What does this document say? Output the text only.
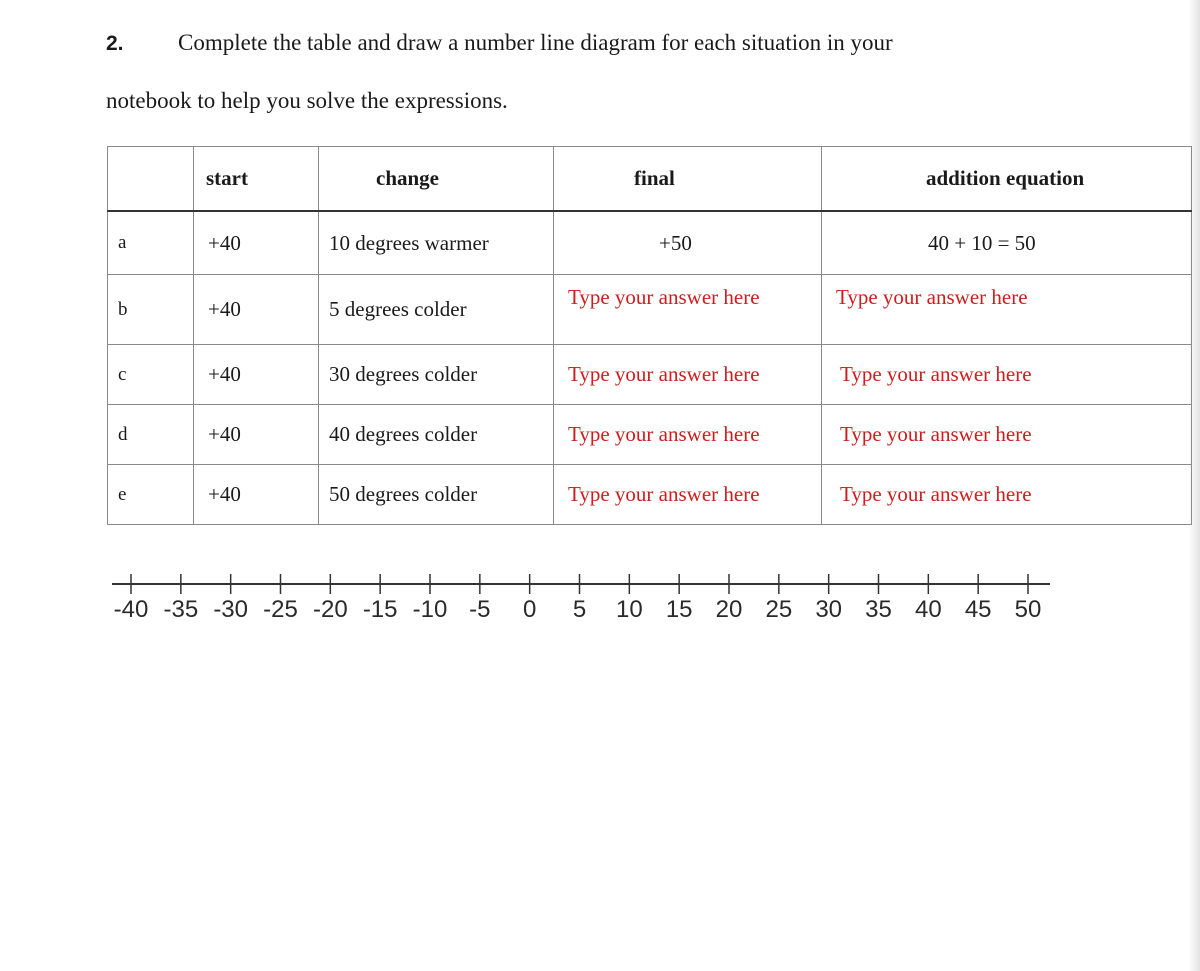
2. Complete the table and draw a number line diagram for each situation in your
notebook to help you solve the expressions.
	start	change	final	addition equation
a	+40	10 degrees warmer	+50	40 + 10 = 50
b	+40	5 degrees colder	Type your answer here	Type your answer here
c	+40	30 degrees colder	Type your answer here	Type your answer here
d	+40	40 degrees colder	Type your answer here	Type your answer here
e	+40	50 degrees colder	Type your answer here	Type your answer here
-40 -35 -30 -25 -20 -15 -10 -5 0 5 10 15 20 25 30 35 40 45 50
